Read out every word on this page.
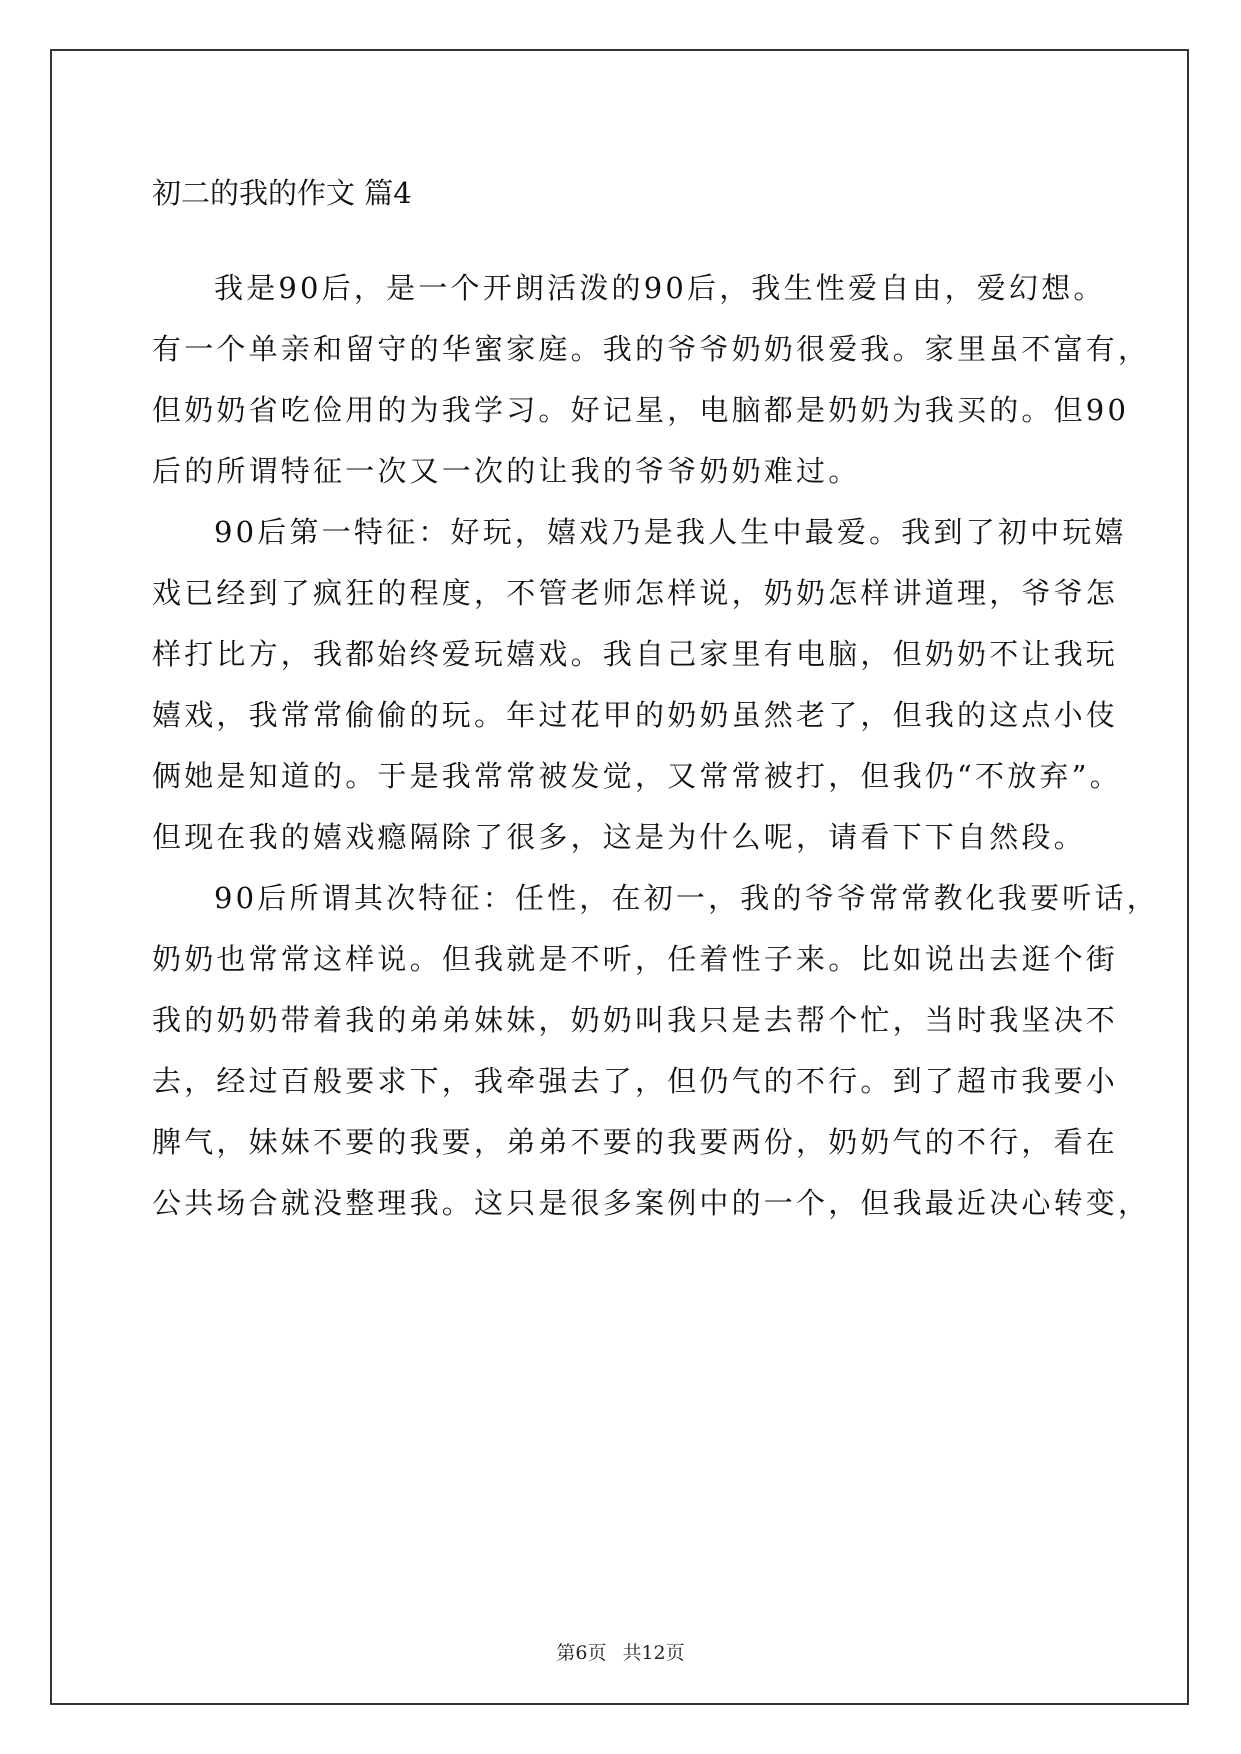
初二的我的作文 篇4
我是90后，是一个开朗活泼的90后，我生性爱自由，爱幻想。
有一个单亲和留守的华蜜家庭。我的爷爷奶奶很爱我。家里虽不富有，
但奶奶省吃俭用的为我学习。好记星，电脑都是奶奶为我买的。但90
后的所谓特征一次又一次的让我的爷爷奶奶难过。
90后第一特征：好玩，嬉戏乃是我人生中最爱。我到了初中玩嬉
戏已经到了疯狂的程度，不管老师怎样说，奶奶怎样讲道理，爷爷怎
样打比方，我都始终爱玩嬉戏。我自己家里有电脑，但奶奶不让我玩
嬉戏，我常常偷偷的玩。年过花甲的奶奶虽然老了，但我的这点小伎
俩她是知道的。于是我常常被发觉，又常常被打，但我仍“不放弃”。
但现在我的嬉戏瘾隔除了很多，这是为什么呢，请看下下自然段。
90后所谓其次特征：任性，在初一，我的爷爷常常教化我要听话，
奶奶也常常这样说。但我就是不听，任着性子来。比如说出去逛个街
我的奶奶带着我的弟弟妹妹，奶奶叫我只是去帮个忙，当时我坚决不
去，经过百般要求下，我牵强去了，但仍气的不行。到了超市我要小
脾气，妹妹不要的我要，弟弟不要的我要两份，奶奶气的不行，看在
公共场合就没整理我。这只是很多案例中的一个，但我最近决心转变，
第6页 共12页
